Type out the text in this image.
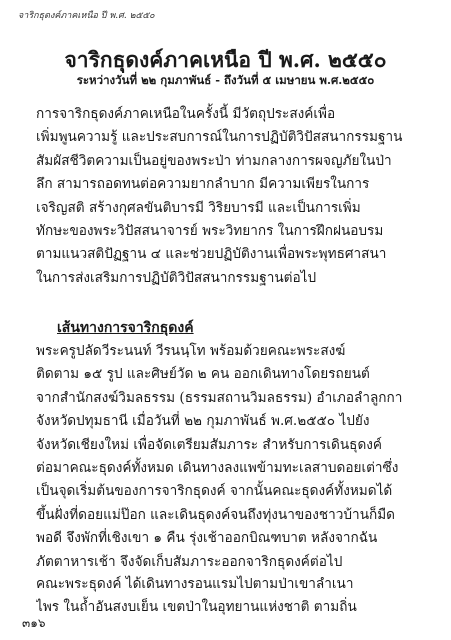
จาริกธุดงค์ภาคเหนือ ปี พ.ศ. ๒๕๕๐
จาริกธุดงค์ภาคเหนือ ปี พ.ศ. ๒๕๕๐
ระหว่างวันที่ ๒๒ กุมภาพันธ์ - ถึงวันที่ ๕ เมษายน พ.ศ.๒๕๕๐
การจาริกธุดงค์ภาคเหนือในครั้งนี้ มีวัตถุประสงค์เพื่อ
เพิ่มพูนความรู้ และประสบการณ์ในการปฏิบัติวิปัสสนากรรมฐาน
สัมผัสชีวิตความเป็นอยู่ของพระป่า ท่ามกลางการผจญภัยในป่า
ลึก สามารถอดทนต่อความยากลำบาก มีความเพียรในการ
เจริญสติ สร้างกุศลขันติบารมี วิริยบารมี และเป็นการเพิ่ม
ทักษะของพระวิปัสสนาจารย์ พระวิทยากร ในการฝึกฝนอบรม
ตามแนวสติปัฏฐาน ๔ และช่วยปฏิบัติงานเพื่อพระพุทธศาสนา
ในการส่งเสริมการปฏิบัติวิปัสสนากรรมฐานต่อไป
เส้นทางการจาริกธุดงค์
พระครูปลัดวีระนนท์ วีรนนฺโท พร้อมด้วยคณะพระสงฆ์
ติดตาม ๑๕ รูป และศิษย์วัด ๒ คน ออกเดินทางโดยรถยนต์
จากสำนักสงฆ์วิมลธรรม (ธรรมสถานวิมลธรรม) อำเภอลำลูกกา
จังหวัดปทุมธานี เมื่อวันที่ ๒๒ กุมภาพันธ์ พ.ศ.๒๕๕๐ ไปยัง
จังหวัดเชียงใหม่ เพื่อจัดเตรียมสัมภาระ สำหรับการเดินธุดงค์
ต่อมาคณะธุดงค์ทั้งหมด เดินทางลงแพข้ามทะเลสาบดอยเต่าซึ่ง
เป็นจุดเริ่มต้นของการจาริกธุดงค์ จากนั้นคณะธุดงค์ทั้งหมดได้
ขึ้นฝั่งที่ดอยแม่ป๊อก และเดินธุดงค์จนถึงทุ่งนาของชาวบ้านก็มืด
พอดี จึงพักที่เชิงเขา ๑ คืน รุ่งเช้าออกบิณฑบาต หลังจากฉัน
ภัตตาหารเช้า จึงจัดเก็บสัมภาระออกจาริกธุดงค์ต่อไป
คณะพระธุดงค์ ได้เดินทางรอนแรมไปตามป่าเขาลำเนา
ไพร ในถ้ำอันสงบเย็น เขตป่าในอุทยานแห่งชาติ ตามถิ่น
๓๑๖
